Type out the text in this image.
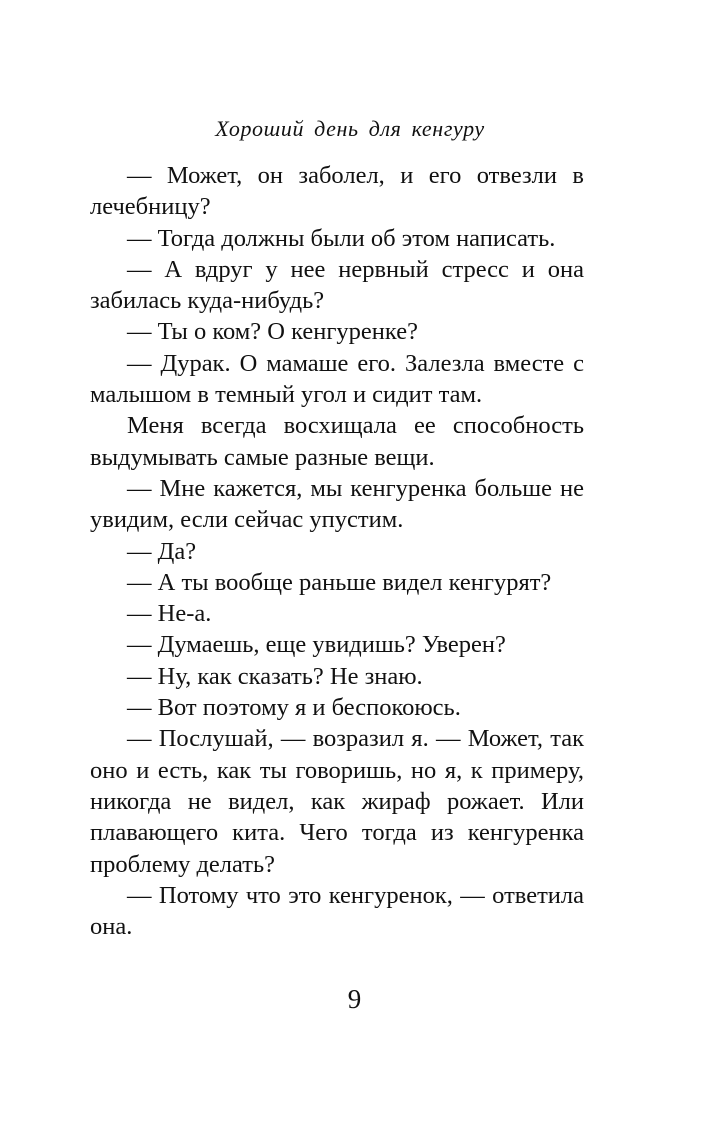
Хороший день для кенгуру

— Может, он заболел, и его отвезли в лечебницу?

— Тогда должны были об этом написать.

— А вдруг у нее нервный стресс и она забилась куда-нибудь?

— Ты о ком? О кенгуренке?

— Дурак. О мамаше его. Залезла вместе с малышом в темный угол и сидит там.

Меня всегда восхищала ее способность выдумывать самые разные вещи.

— Мне кажется, мы кенгуренка больше не увидим, если сейчас упустим.

— Да?

— А ты вообще раньше видел кенгурят?

— Не-а.

— Думаешь, еще увидишь? Уверен?

— Ну, как сказать? Не знаю.

— Вот поэтому я и беспокоюсь.

— Послушай, — возразил я. — Может, так оно и есть, как ты говоришь, но я, к примеру, никогда не видел, как жираф рожает. Или плавающего кита. Чего тогда из кенгуренка проблему делать?

— Потому что это кенгуренок, — ответила она.

9
